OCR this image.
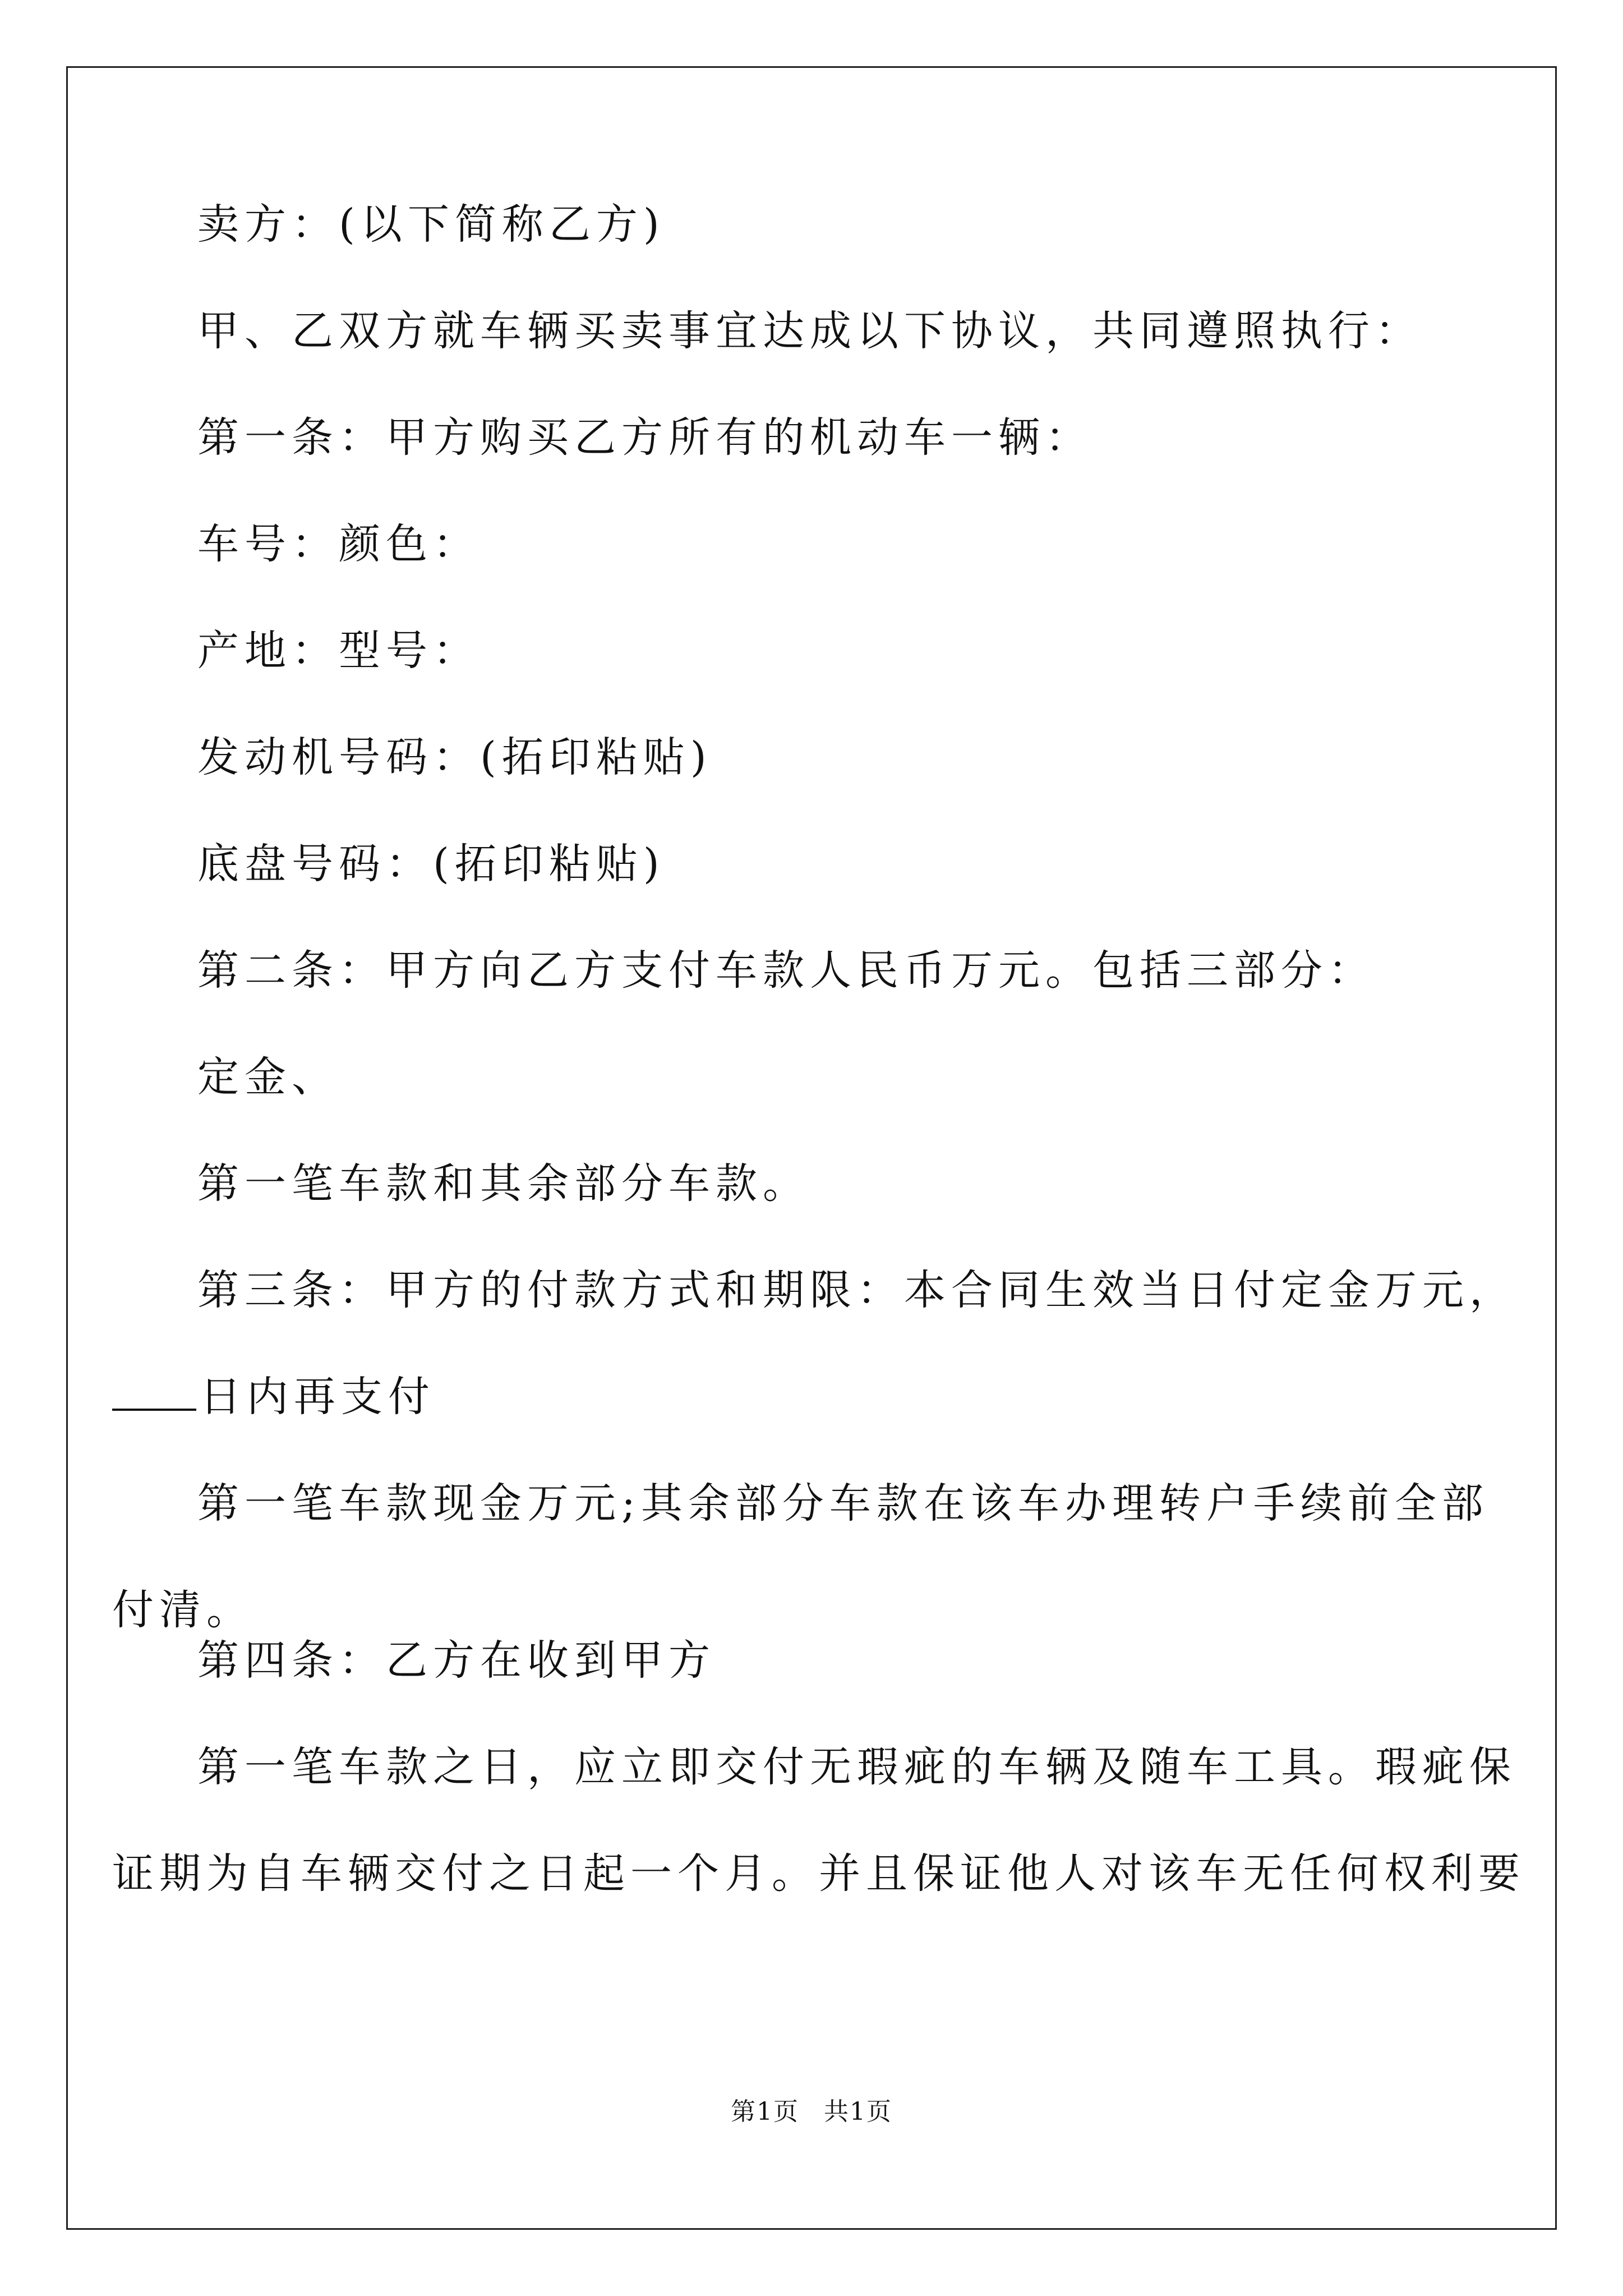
卖方：(以下简称乙方)
甲、乙双方就车辆买卖事宜达成以下协议，共同遵照执行：
第一条：甲方购买乙方所有的机动车一辆：
车号：颜色：
产地：型号：
发动机号码：(拓印粘贴)
底盘号码：(拓印粘贴)
第二条：甲方向乙方支付车款人民币万元。包括三部分：
定金、
第一笔车款和其余部分车款。
第三条：甲方的付款方式和期限：本合同生效当日付定金万元，
日内再支付
第一笔车款现金万元;其余部分车款在该车办理转户手续前全部
付清。
第四条：乙方在收到甲方
第一笔车款之日，应立即交付无瑕疵的车辆及随车工具。瑕疵保
证期为自车辆交付之日起一个月。并且保证他人对该车无任何权利要
第1页 共1页
